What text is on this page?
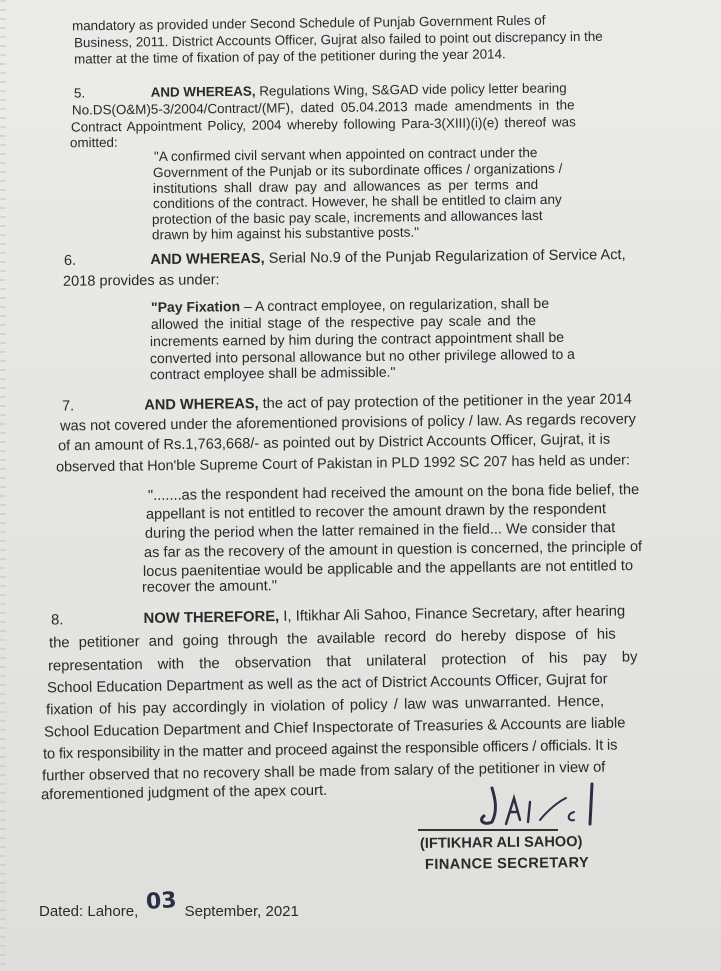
mandatory as provided under Second Schedule of Punjab Government Rules of
Business, 2011. District Accounts Officer, Gujrat also failed to point out discrepancy in the
matter at the time of fixation of pay of the petitioner during the year 2014.
5.	AND WHEREAS, Regulations Wing, S&GAD vide policy letter bearing
No.DS(O&M)5-3/2004/Contract/(MF), dated 05.04.2013 made amendments in the
Contract Appointment Policy, 2004 whereby following Para-3(XIII)(i)(e) thereof was
omitted:
"A confirmed civil servant when appointed on contract under the
Government of the Punjab or its subordinate offices / organizations /
institutions shall draw pay and allowances as per terms and
conditions of the contract. However, he shall be entitled to claim any
protection of the basic pay scale, increments and allowances last
drawn by him against his substantive posts."
6.	AND WHEREAS, Serial No.9 of the Punjab Regularization of Service Act,
2018 provides as under:
"Pay Fixation – A contract employee, on regularization, shall be
allowed the initial stage of the respective pay scale and the
increments earned by him during the contract appointment shall be
converted into personal allowance but no other privilege allowed to a
contract employee shall be admissible."
7.	AND WHEREAS, the act of pay protection of the petitioner in the year 2014
was not covered under the aforementioned provisions of policy / law. As regards recovery
of an amount of Rs.1,763,668/- as pointed out by District Accounts Officer, Gujrat, it is
observed that Hon'ble Supreme Court of Pakistan in PLD 1992 SC 207 has held as under:
".......as the respondent had received the amount on the bona fide belief, the
appellant is not entitled to recover the amount drawn by the respondent
during the period when the latter remained in the field... We consider that
as far as the recovery of the amount in question is concerned, the principle of
locus paenitentiae would be applicable and the appellants are not entitled to
recover the amount."
8.	NOW THEREFORE, I, Iftikhar Ali Sahoo, Finance Secretary, after hearing
the petitioner and going through the available record do hereby dispose of his
representation with the observation that unilateral protection of his pay by
School Education Department as well as the act of District Accounts Officer, Gujrat for
fixation of his pay accordingly in violation of policy / law was unwarranted. Hence,
School Education Department and Chief Inspectorate of Treasuries & Accounts are liable
to fix responsibility in the matter and proceed against the responsible officers / officials. It is
further observed that no recovery shall be made from salary of the petitioner in view of
aforementioned judgment of the apex court.
(IFTIKHAR ALI SAHOO)
FINANCE SECRETARY
Dated: Lahore,	September, 2021
03
